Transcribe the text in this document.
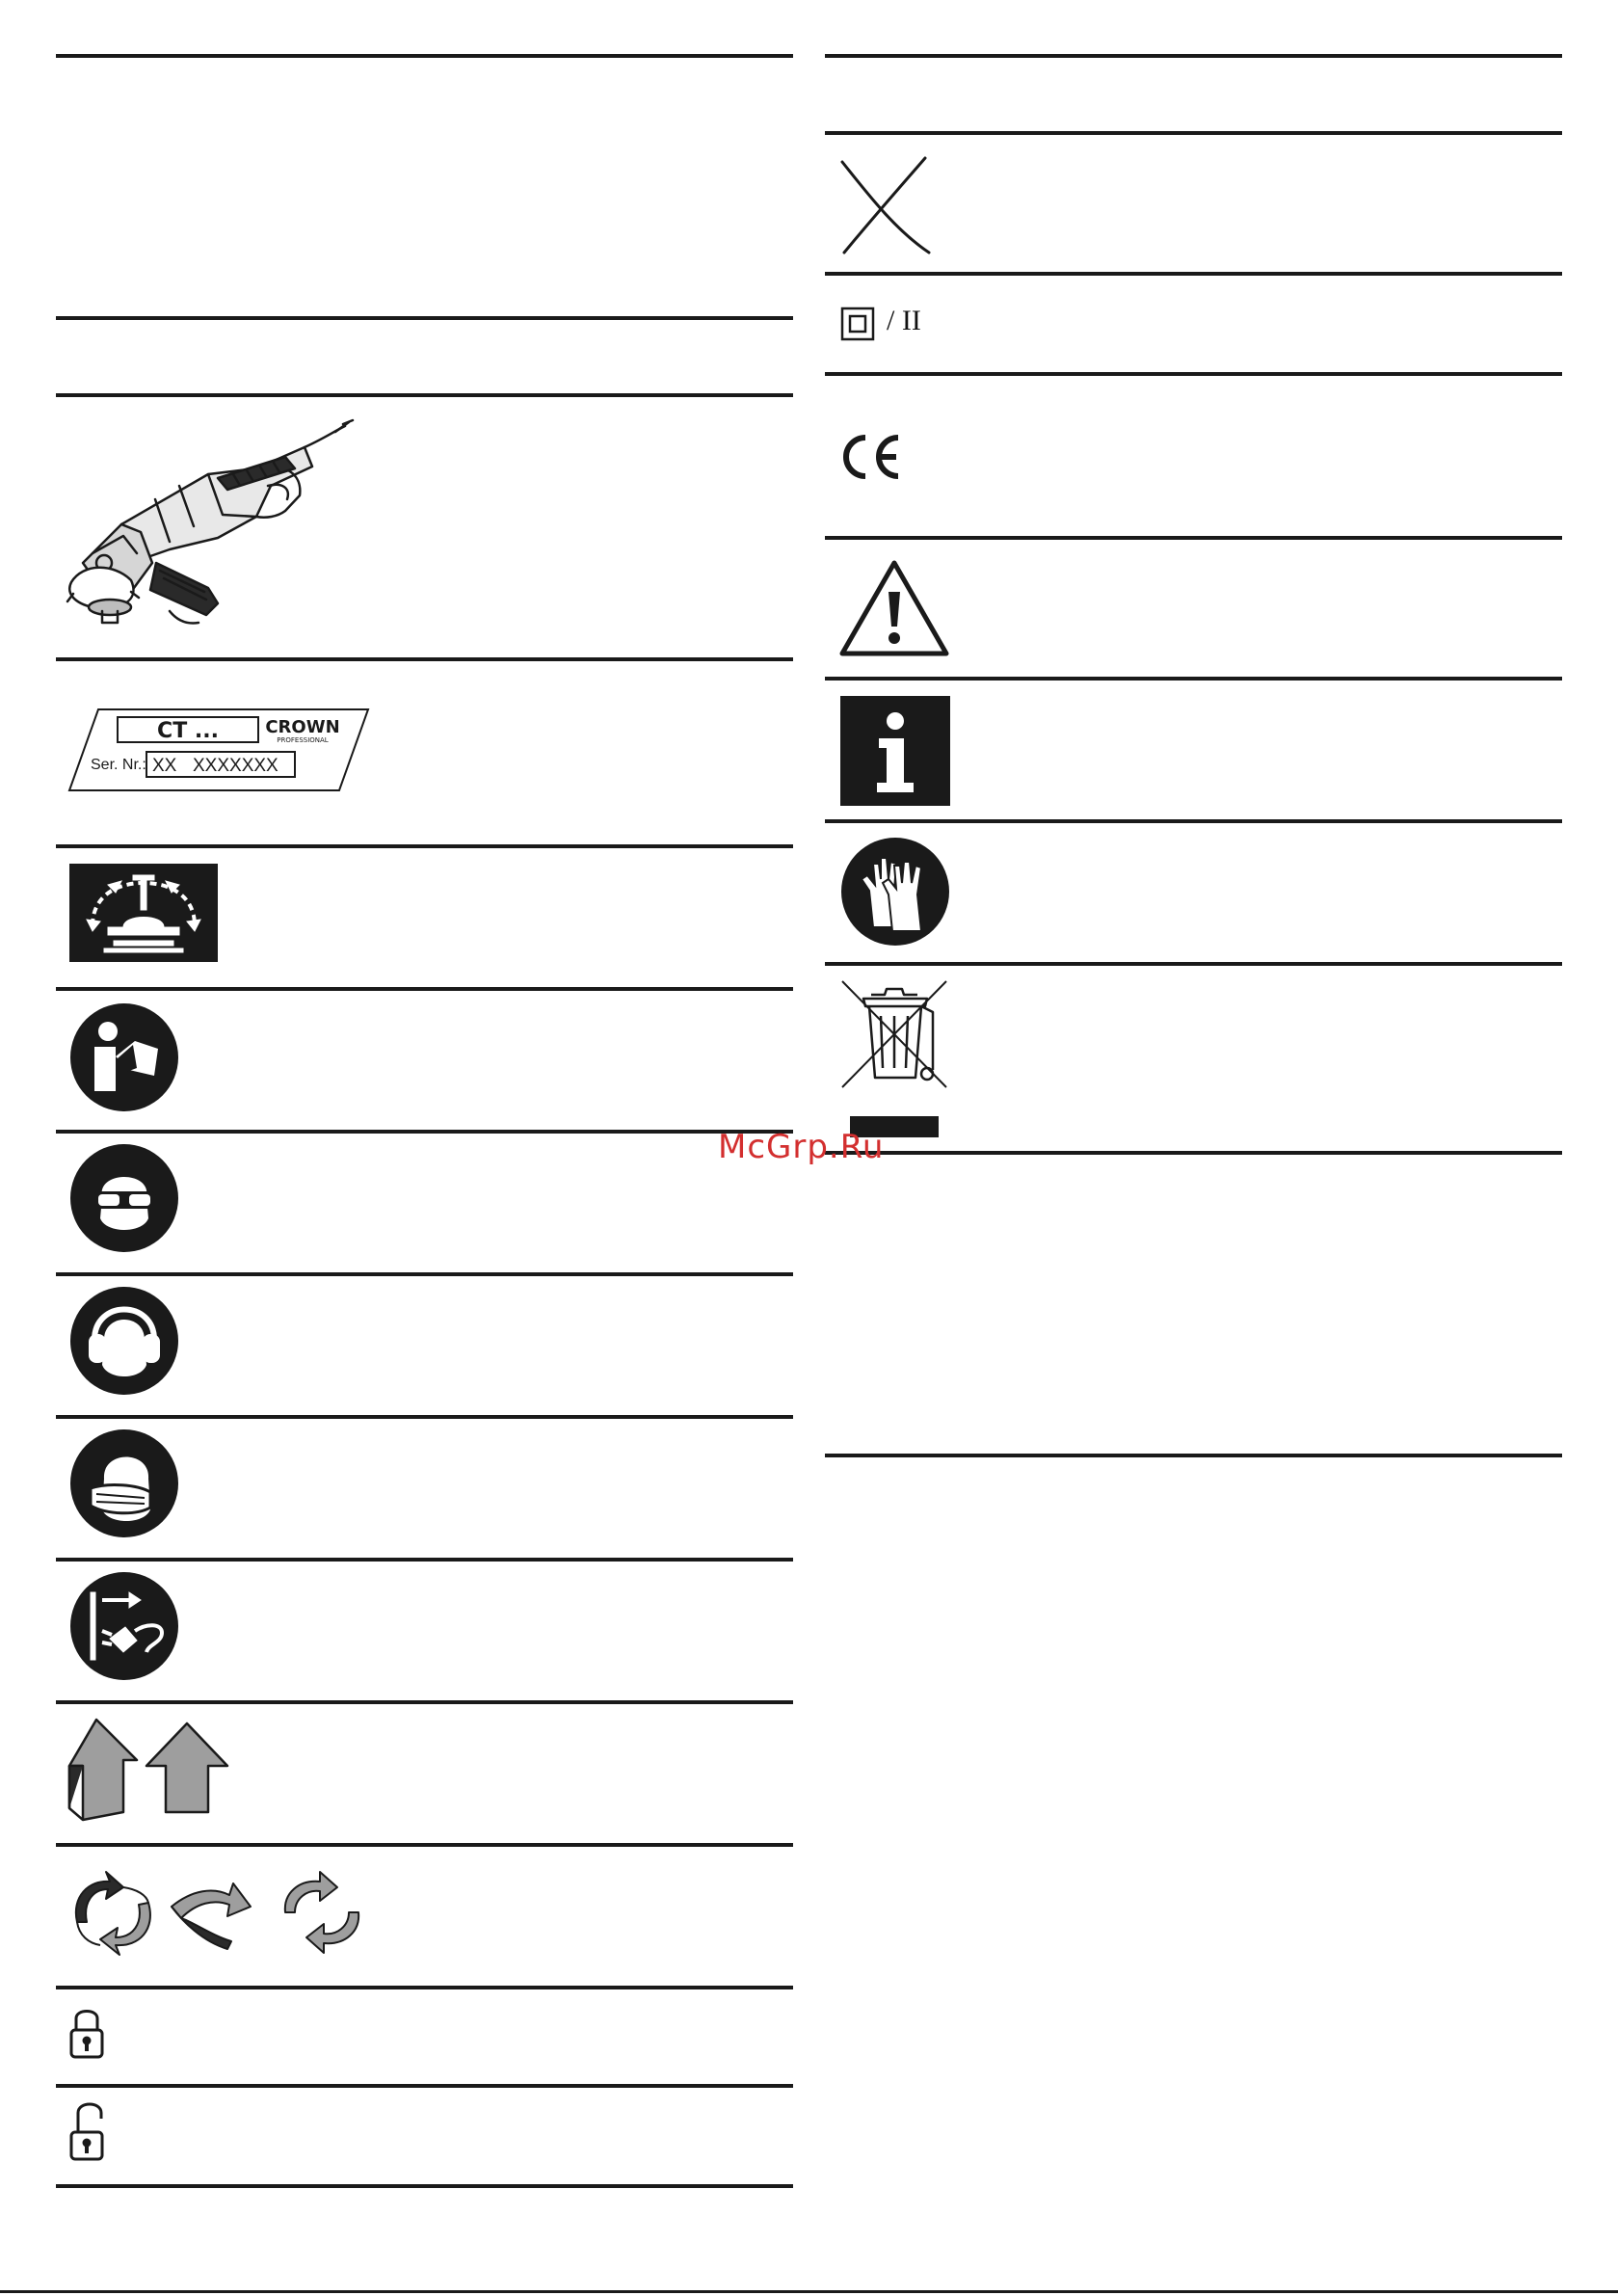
CT ...	CROWN
PROFESSIONAL
Ser. Nr.: XX XXXXXXX
/ II
McGrp.Ru
